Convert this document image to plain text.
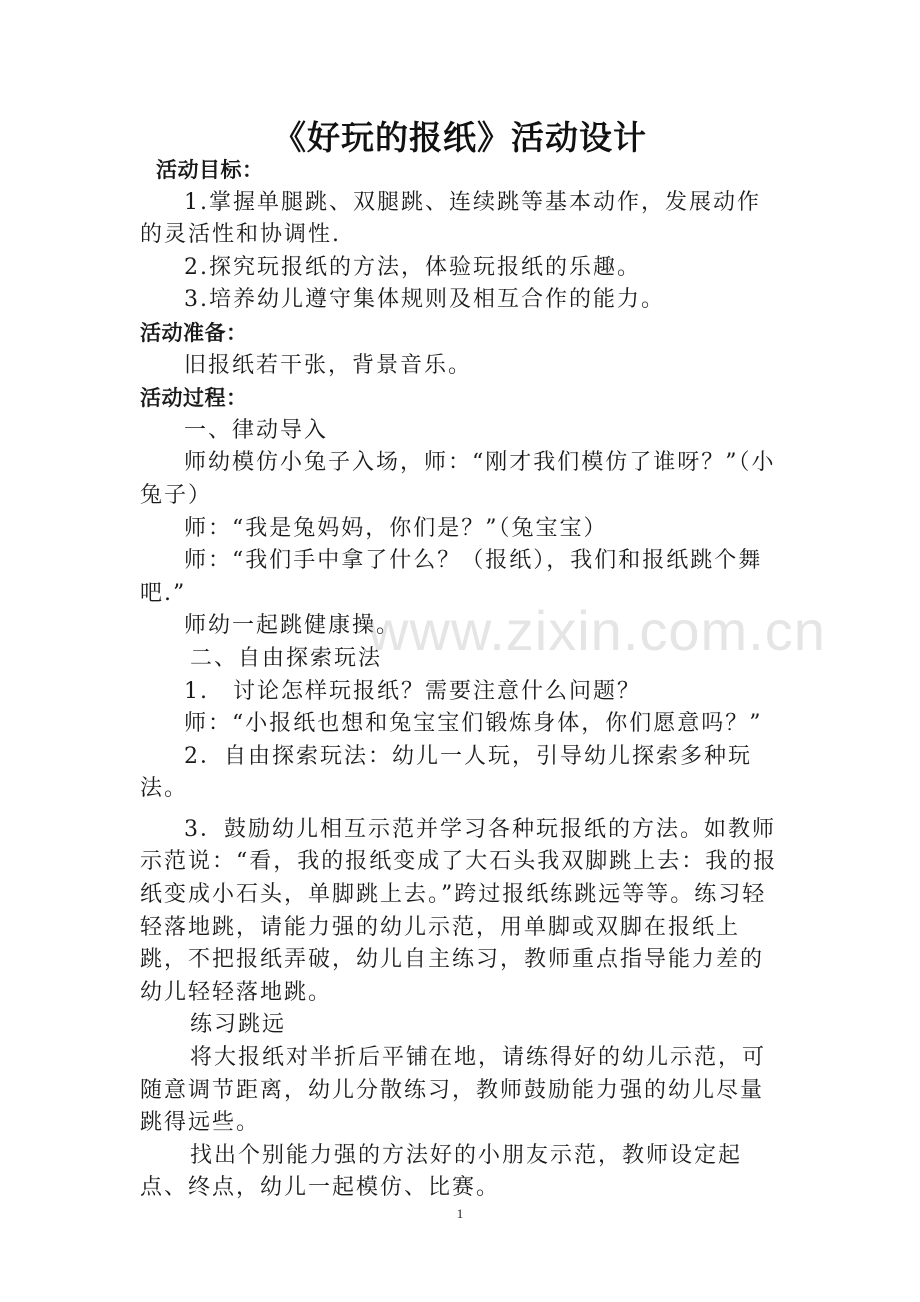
《好玩的报纸》活动设计

活动目标：

1.掌握单腿跳、双腿跳、连续跳等基本动作，发展动作的灵活性和协调性.

2.探究玩报纸的方法，体验玩报纸的乐趣。

3.培养幼儿遵守集体规则及相互合作的能力。

活动准备：

旧报纸若干张，背景音乐。

活动过程：

一、律动导入

师幼模仿小兔子入场，师：“刚才我们模仿了谁呀？”（小兔子）

师：“我是兔妈妈，你们是？”（兔宝宝）

师：“我们手中拿了什么？（报纸），我们和报纸跳个舞吧.”

师幼一起跳健康操。

二、自由探索玩法

1.　讨论怎样玩报纸？需要注意什么问题？

师：“小报纸也想和兔宝宝们锻炼身体，你们愿意吗？”

2．自由探索玩法：幼儿一人玩，引导幼儿探索多种玩法。

3．鼓励幼儿相互示范并学习各种玩报纸的方法。如教师示范说：“看，我的报纸变成了大石头我双脚跳上去：我的报纸变成小石头，单脚跳上去。”跨过报纸练跳远等等。练习轻轻落地跳，请能力强的幼儿示范，用单脚或双脚在报纸上跳，不把报纸弄破，幼儿自主练习，教师重点指导能力差的幼儿轻轻落地跳。

练习跳远

将大报纸对半折后平铺在地，请练得好的幼儿示范，可随意调节距离，幼儿分散练习，教师鼓励能力强的幼儿尽量跳得远些。

找出个别能力强的方法好的小朋友示范，教师设定起点、终点，幼儿一起模仿、比赛。

www.zixin.com.cn
1
